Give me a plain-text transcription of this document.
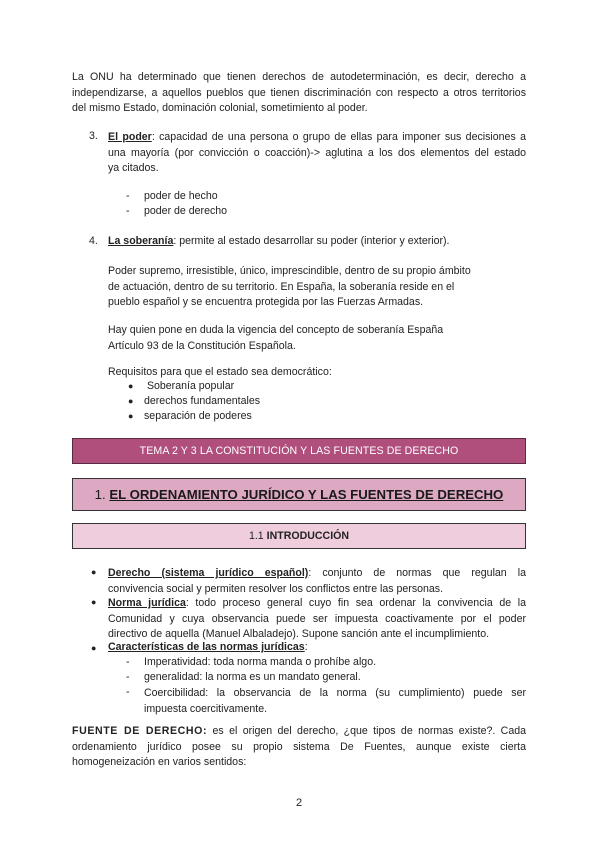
La ONU ha determinado que tienen derechos de autodeterminación, es decir, derecho a
independizarse, a aquellos pueblos que tienen discriminación con respecto a otros territorios
del mismo Estado, dominación colonial, sometimiento al poder.
3. El poder: capacidad de una persona o grupo de ellas para imponer sus decisiones a
una mayoría (por convicción o coacción)-> aglutina a los dos elementos del estado
ya citados.
- poder de hecho
- poder de derecho
4. La soberanía: permite al estado desarrollar su poder (interior y exterior).
Poder supremo, irresistible, único, imprescindible, dentro de su propio ámbito
de actuación, dentro de su territorio. En España, la soberanía reside en el
pueblo español y se encuentra protegida por las Fuerzas Armadas.
Hay quien pone en duda la vigencia del concepto de soberanía España
Artículo 93 de la Constitución Española.
Requisitos para que el estado sea democrático:
● Soberanía popular
● derechos fundamentales
● separación de poderes
TEMA 2 Y 3 LA CONSTITUCIÓN Y LAS FUENTES DE DERECHO
1. EL ORDENAMIENTO JURÍDICO Y LAS FUENTES DE DERECHO
1.1 INTRODUCCIÓN
● Derecho (sistema jurídico español): conjunto de normas que regulan la
convivencia social y permiten resolver los conflictos entre las personas.
● Norma jurídica: todo proceso general cuyo fin sea ordenar la convivencia de la
Comunidad y cuya observancia puede ser impuesta coactivamente por el poder
directivo de aquella (Manuel Albaladejo). Supone sanción ante el incumplimiento.
● Características de las normas jurídicas:
- Imperatividad: toda norma manda o prohíbe algo.
- generalidad: la norma es un mandato general.
- Coercibilidad: la observancia de la norma (su cumplimiento) puede ser
impuesta coercitivamente.
FUENTE DE DERECHO: es el origen del derecho, ¿que tipos de normas existe?. Cada
ordenamiento jurídico posee su propio sistema De Fuentes, aunque existe cierta
homogeneización en varios sentidos:
2
